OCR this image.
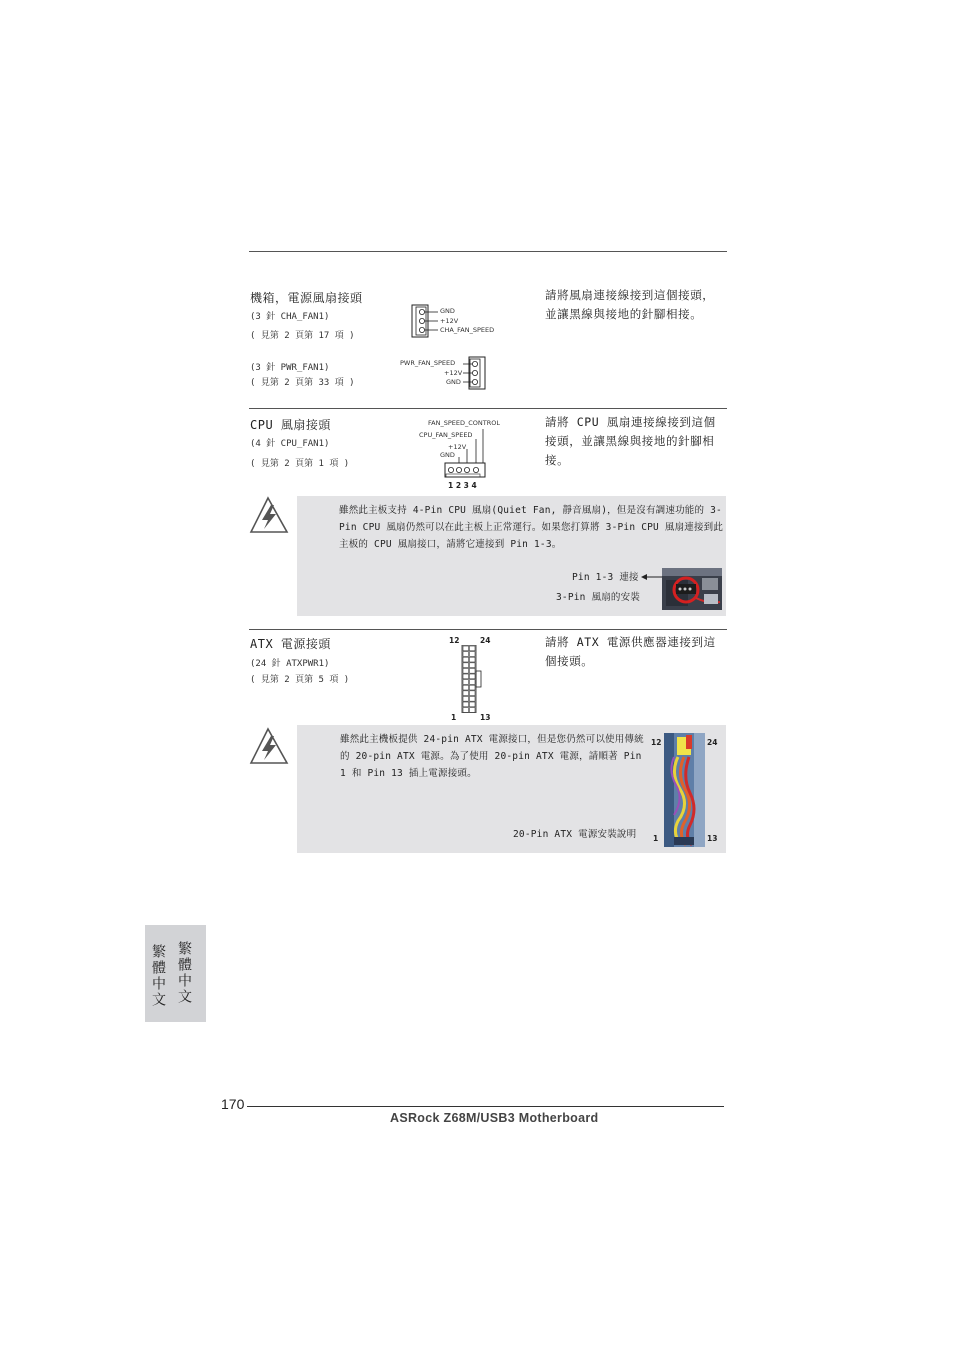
機箱，電源風扇接頭
(3 針 CHA_FAN1)
( 見第 2 頁第 17 項 )
(3 針 PWR_FAN1)
( 見第 2 頁第 33 項 )
請將風扇連接線接到這個接頭，並讓黑線與接地的針腳相接。
GND
+12V
CHA_FAN_SPEED
PWR_FAN_SPEED
+12V
GND
CPU 風扇接頭
(4 針 CPU_FAN1)
( 見第 2 頁第 1 項 )
請將 CPU 風扇連接線接到這個接頭，並讓黑線與接地的針腳相接。
FAN_SPEED_CONTROL
CPU_FAN_SPEED
+12V
GND
1 2 3 4
雖然此主板支持 4-Pin CPU 風扇(Quiet Fan, 靜音風扇)，但是沒有調速功能的 3-Pin CPU 風扇仍然可以在此主板上正常運行。如果您打算將 3-Pin CPU 風扇連接到此主板的 CPU 風扇接口，請將它連接到 Pin 1-3。
Pin 1-3 連接
3-Pin 風扇的安裝
ATX 電源接頭
(24 針 ATXPWR1)
( 見第 2 頁第 5 項 )
請將 ATX 電源供應器連接到這個接頭。
12	24
1	13
雖然此主機板提供 24-pin ATX 電源接口，但是您仍然可以使用傳統的 20-pin ATX 電源。為了使用 20-pin ATX 電源，請順著 Pin 1 和 Pin 13 插上電源接頭。
20-Pin ATX 電源安裝說明
12	24
1	13
繁體中文 繁體中文
170
ASRock Z68M/USB3 Motherboard
